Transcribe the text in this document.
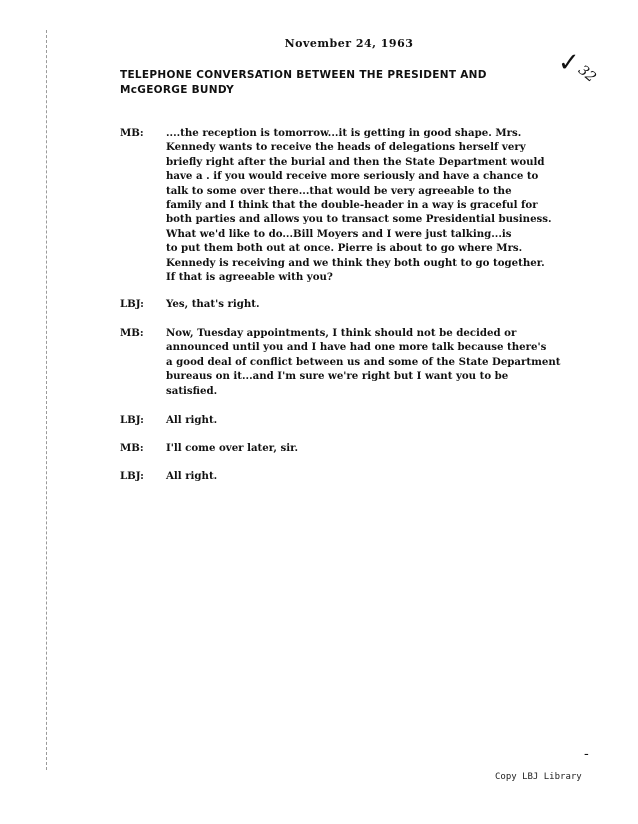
November 24, 1963
TELEPHONE CONVERSATION BETWEEN THE PRESIDENT AND
McGEORGE BUNDY
✓
32
MB:	....the reception is tomorrow...it is getting in good shape. Mrs.
Kennedy wants to receive the heads of delegations herself very
briefly right after the burial and then the State Department would
have a . if you would receive more seriously and have a chance to
talk to some over there...that would be very agreeable to the
family and I think that the double-header in a way is graceful for
both parties and allows you to transact some Presidential business.
What we'd like to do...Bill Moyers and I were just talking...is
to put them both out at once. Pierre is about to go where Mrs.
Kennedy is receiving and we think they both ought to go together.
If that is agreeable with you?
LBJ:	Yes, that's right.
MB:	Now, Tuesday appointments, I think should not be decided or
announced until you and I have had one more talk because there's
a good deal of conflict between us and some of the State Department
bureaus on it...and I'm sure we're right but I want you to be
satisfied.
LBJ:	All right.
MB:	I'll come over later, sir.
LBJ:	All right.
-
Copy LBJ Library
